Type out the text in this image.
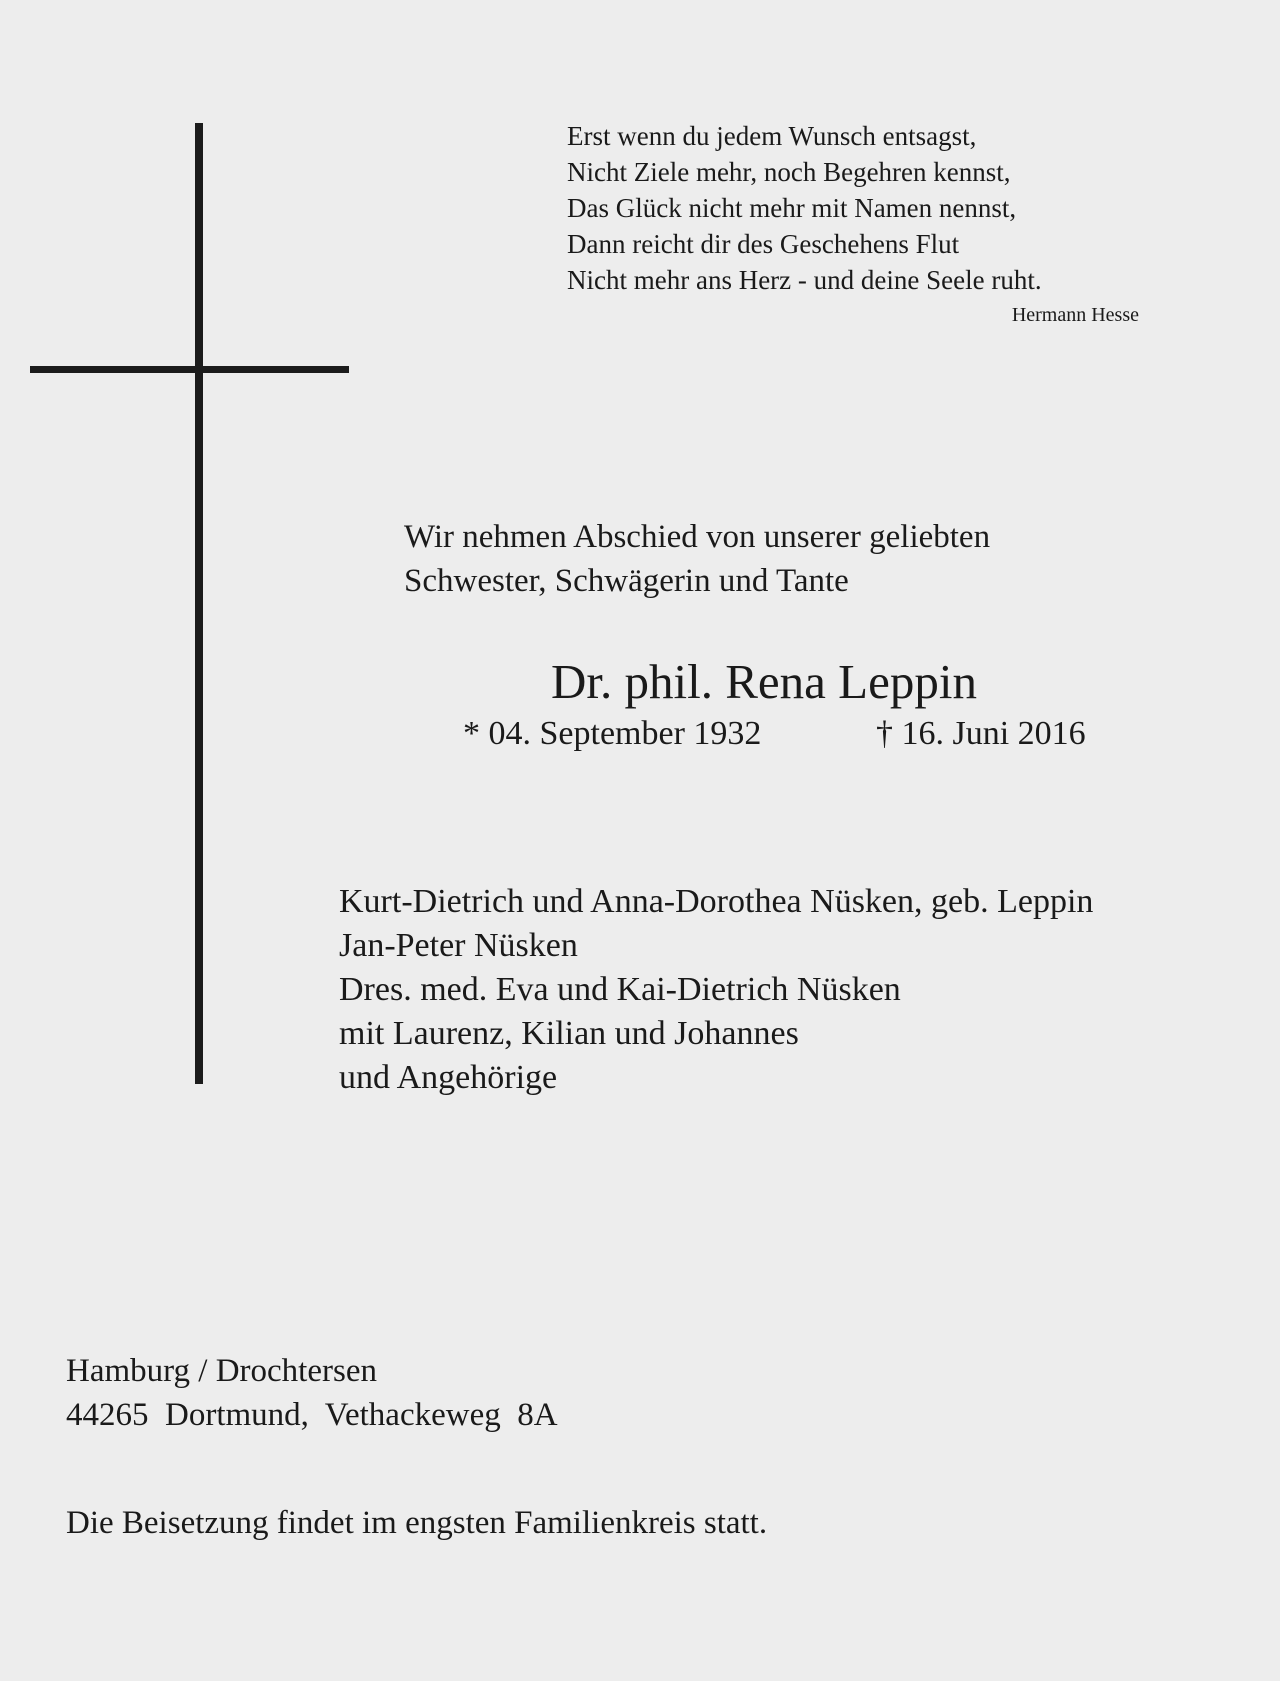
Erst wenn du jedem Wunsch entsagst,
Nicht Ziele mehr, noch Begehren kennst,
Das Glück nicht mehr mit Namen nennst,
Dann reicht dir des Geschehens Flut
Nicht mehr ans Herz - und deine Seele ruht.
Hermann Hesse
Wir nehmen Abschied von unserer geliebten
Schwester, Schwägerin und Tante
Dr. phil. Rena Leppin
* 04. September 1932	† 16. Juni 2016
Kurt-Dietrich und Anna-Dorothea Nüsken, geb. Leppin
Jan-Peter Nüsken
Dres. med. Eva und Kai-Dietrich Nüsken
mit Laurenz, Kilian und Johannes
und Angehörige
Hamburg / Drochtersen
44265  Dortmund,  Vethackeweg  8A
Die Beisetzung findet im engsten Familienkreis statt.
